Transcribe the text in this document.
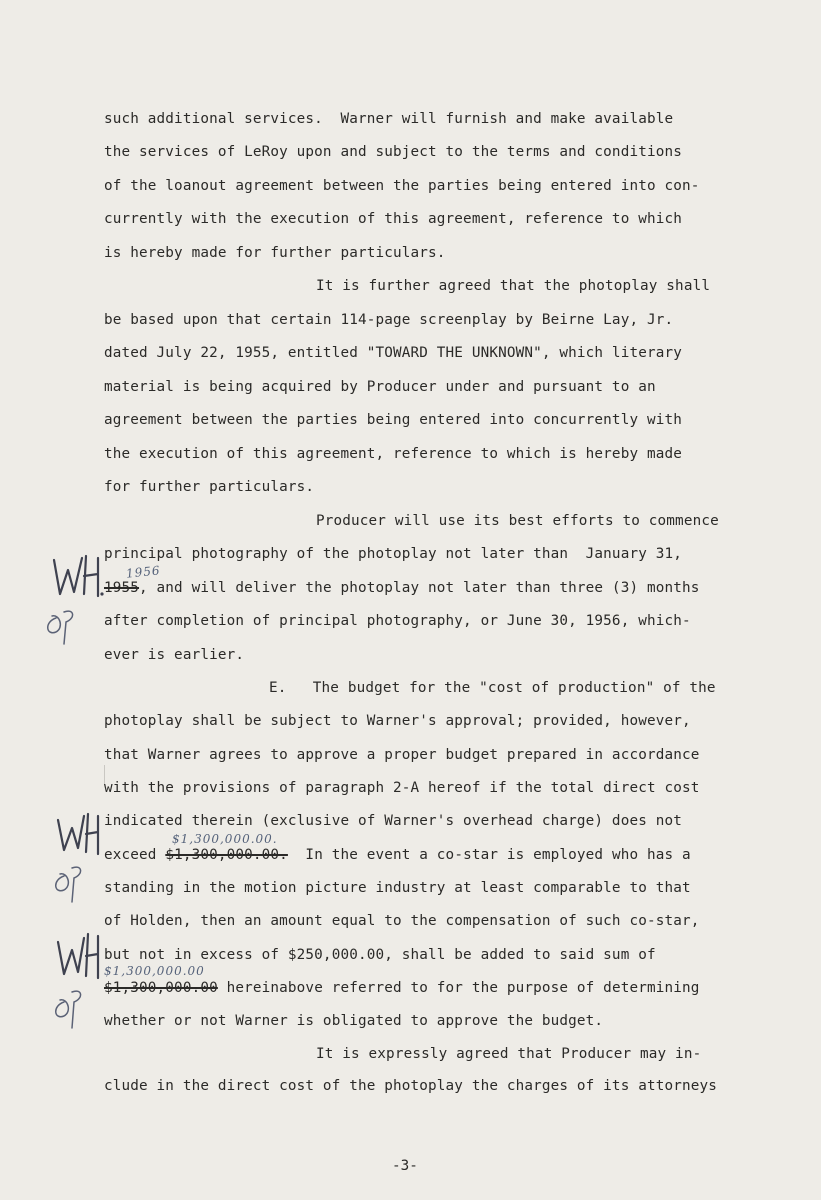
such additional services.  Warner will furnish and make available
the services of LeRoy upon and subject to the terms and conditions
of the loanout agreement between the parties being entered into con-
currently with the execution of this agreement, reference to which
is hereby made for further particulars.
It is further agreed that the photoplay shall
be based upon that certain 114-page screenplay by Beirne Lay, Jr.
dated July 22, 1955, entitled "TOWARD THE UNKNOWN", which literary
material is being acquired by Producer under and pursuant to an
agreement between the parties being entered into concurrently with
the execution of this agreement, reference to which is hereby made
for further particulars.
Producer will use its best efforts to commence
principal photography of the photoplay not later than  January 31,
1956
1955, and will deliver the photoplay not later than three (3) months
after completion of principal photography, or June 30, 1956, which-
ever is earlier.
E.   The budget for the "cost of production" of the
photoplay shall be subject to Warner's approval; provided, however,
that Warner agrees to approve a proper budget prepared in accordance
with the provisions of paragraph 2-A hereof if the total direct cost
indicated therein (exclusive of Warner's overhead charge) does not
$1,300,000.00.
exceed $1,300,000.00.  In the event a co-star is employed who has a
standing in the motion picture industry at least comparable to that
of Holden, then an amount equal to the compensation of such co-star,
but not in excess of $250,000.00, shall be added to said sum of
$1,300,000.00
$1,300,000.00 hereinabove referred to for the purpose of determining
whether or not Warner is obligated to approve the budget.
It is expressly agreed that Producer may in-
clude in the direct cost of the photoplay the charges of its attorneys
-3-
